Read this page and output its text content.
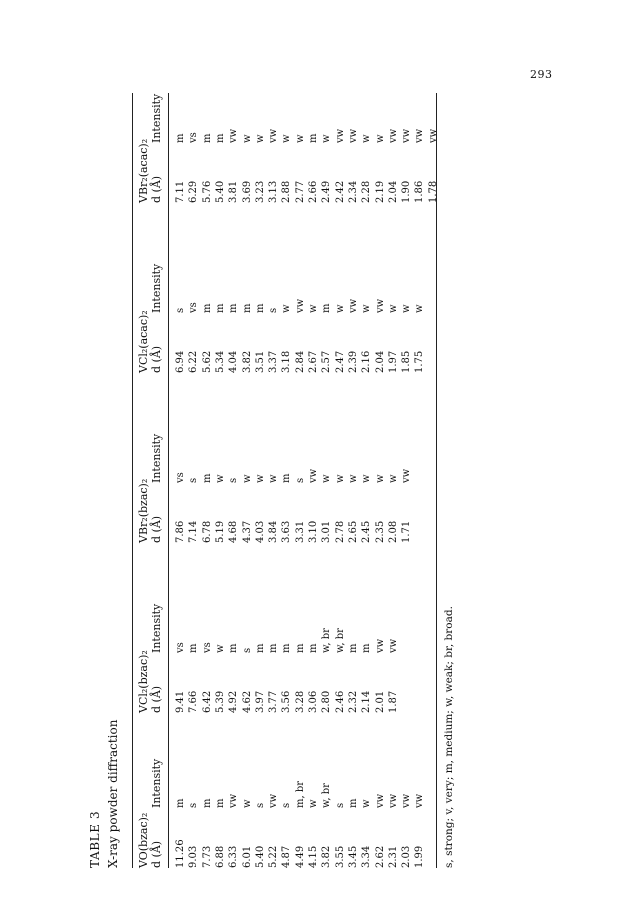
293
TABLE 3 X-ray powder diffraction	s, strong; v, very; m, medium; w, weak; br, broad.
VO(bzac)₂ d (Å)
Intensity
11.26
m
9.03
s
7.73
m
6.88
m
6.33
vw
6.01
w
5.40
s
5.22
vw
4.87
s
4.49
m, br
4.15
w
3.82
w, br
3.55
s
3.45
m
3.34
w
2.62
vw
2.31
vw
2.03
vw
1.99
vw
VCl₂(bzac)₂ d (Å)
Intensity
9.41
vs
7.66
m
6.42
vs
5.39
w
4.92
m
4.62
s
3.97
m
3.77
m
3.56
m
3.28
m
3.06
m
2.80
w, br
2.46
w, br
2.32
m
2.14
m
2.01
vw
1.87
vw
VBr₂(bzac)₂ d (Å)
Intensity
7.86
vs
7.14
s
6.78
m
5.19
w
4.68
s
4.37
w
4.03
w
3.84
w
3.63
m
3.31
s
3.10
vw
3.01
w
2.78
w
2.65
w
2.45
w
2.35
w
2.08
w
1.71
vw
VCl₂(acac)₂ d (Å)
Intensity
6.94
s
6.22
vs
5.62
m
5.34
m
4.04
m
3.82
m
3.51
m
3.37
s
3.18
w
2.84
vw
2.67
w
2.57
m
2.47
w
2.39
vw
2.16
w
2.04
vw
1.97
w
1.85
w
1.75
w
VBr₂(acac)₂ d (Å)
Intensity
7.11
m
6.29
vs
5.76
m
5.40
m
3.81
vw
3.69
w
3.23
w
3.13
vw
2.88
w
2.77
w
2.66
m
2.49
w
2.42
vw
2.34
vw
2.28
w
2.19
w
2.04
vw
1.90
vw
1.86
vw
1.78
vw
